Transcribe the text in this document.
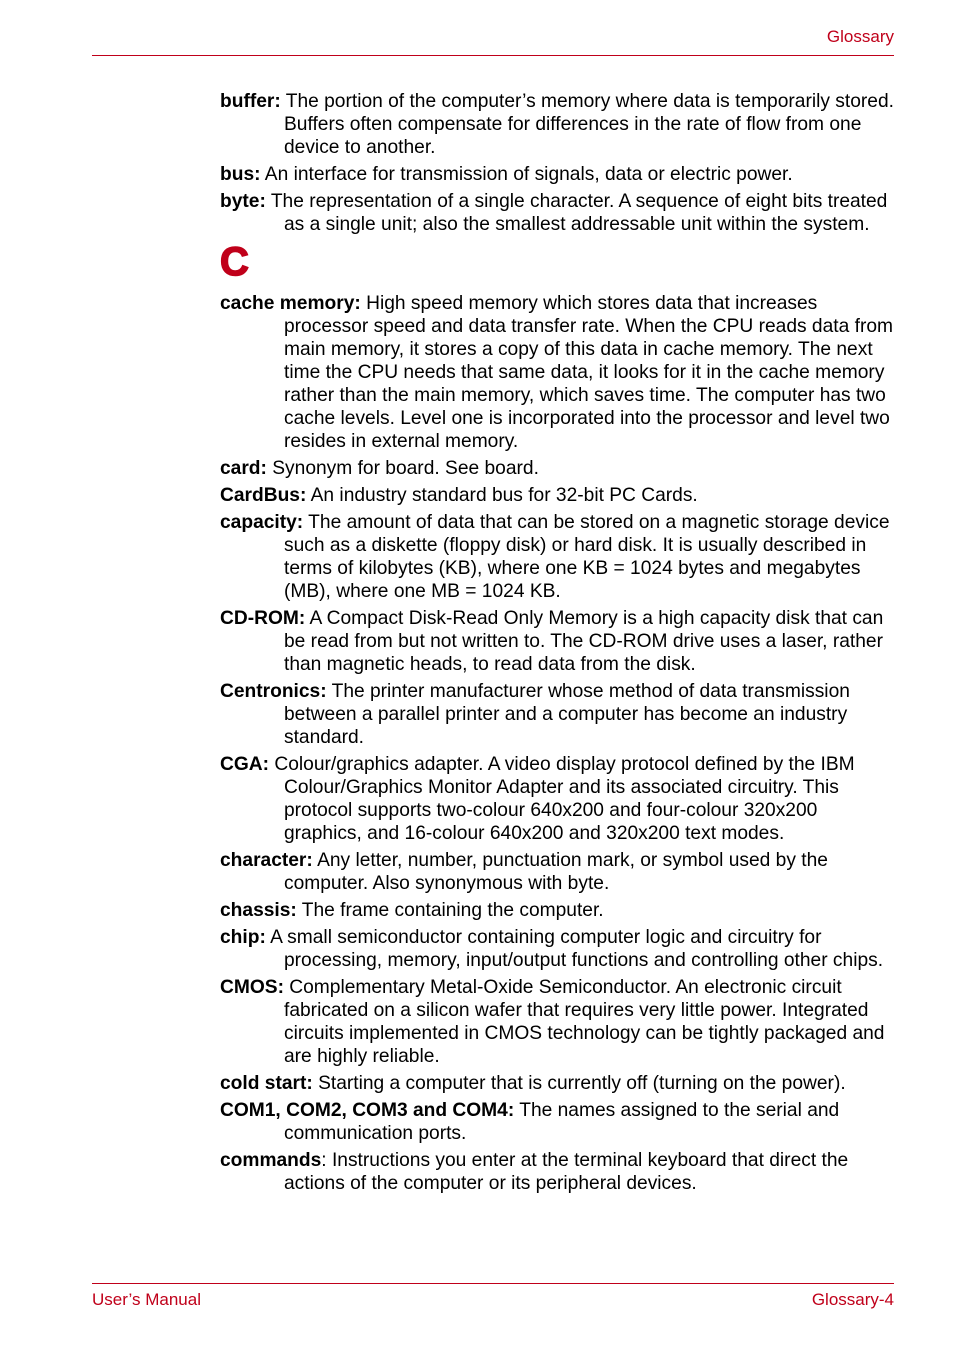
Glossary

buffer: The portion of the computer’s memory where data is temporarily stored. Buffers often compensate for differences in the rate of flow from one device to another.

bus: An interface for transmission of signals, data or electric power.

byte: The representation of a single character. A sequence of eight bits treated as a single unit; also the smallest addressable unit within the system.

C

cache memory: High speed memory which stores data that increases processor speed and data transfer rate. When the CPU reads data from main memory, it stores a copy of this data in cache memory. The next time the CPU needs that same data, it looks for it in the cache memory rather than the main memory, which saves time. The computer has two cache levels. Level one is incorporated into the processor and level two resides in external memory.

card: Synonym for board. See board.

CardBus: An industry standard bus for 32-bit PC Cards.

capacity: The amount of data that can be stored on a magnetic storage device such as a diskette (floppy disk) or hard disk. It is usually described in terms of kilobytes (KB), where one KB = 1024 bytes and megabytes (MB), where one MB = 1024 KB.

CD-ROM: A Compact Disk-Read Only Memory is a high capacity disk that can be read from but not written to. The CD-ROM drive uses a laser, rather than magnetic heads, to read data from the disk.

Centronics: The printer manufacturer whose method of data transmission between a parallel printer and a computer has become an industry standard.

CGA: Colour/graphics adapter. A video display protocol defined by the IBM Colour/Graphics Monitor Adapter and its associated circuitry. This protocol supports two-colour 640x200 and four-colour 320x200 graphics, and 16-colour 640x200 and 320x200 text modes.

character: Any letter, number, punctuation mark, or symbol used by the computer. Also synonymous with byte.

chassis: The frame containing the computer.

chip: A small semiconductor containing computer logic and circuitry for processing, memory, input/output functions and controlling other chips.

CMOS: Complementary Metal-Oxide Semiconductor. An electronic circuit fabricated on a silicon wafer that requires very little power. Integrated circuits implemented in CMOS technology can be tightly packaged and are highly reliable.

cold start: Starting a computer that is currently off (turning on the power).

COM1, COM2, COM3 and COM4: The names assigned to the serial and communication ports.

commands: Instructions you enter at the terminal keyboard that direct the actions of the computer or its peripheral devices.

User’s Manual	Glossary-4
